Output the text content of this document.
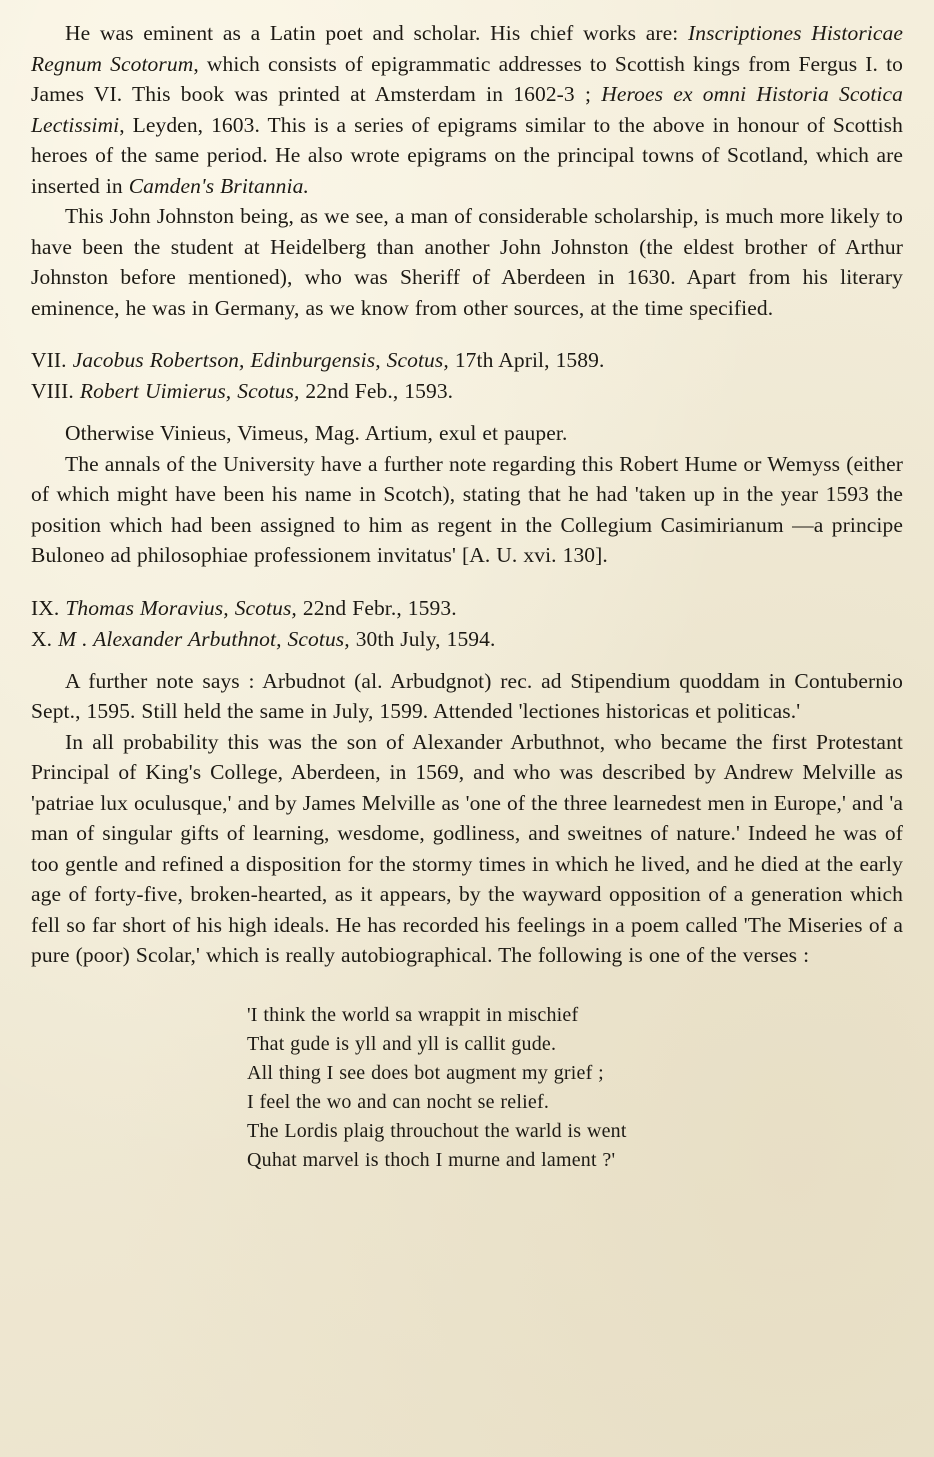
He was eminent as a Latin poet and scholar. His chief works are: Inscriptiones Historicae Regnum Scotorum, which consists of epigrammatic addresses to Scottish kings from Fergus I. to James VI. This book was printed at Amsterdam in 1602-3 ; Heroes ex omni Historia Scotica Lectissimi, Leyden, 1603. This is a series of epigrams similar to the above in honour of Scottish heroes of the same period. He also wrote epigrams on the principal towns of Scotland, which are inserted in Camden's Britannia.

This John Johnston being, as we see, a man of considerable scholarship, is much more likely to have been the student at Heidelberg than another John Johnston (the eldest brother of Arthur Johnston before mentioned), who was Sheriff of Aberdeen in 1630. Apart from his literary eminence, he was in Germany, as we know from other sources, at the time specified.

VII. Jacobus Robertson, Edinburgensis, Scotus, 17th April, 1589.

VIII. Robert Uimierus, Scotus, 22nd Feb., 1593.

Otherwise Vinieus, Vimeus, Mag. Artium, exul et pauper.

The annals of the University have a further note regarding this Robert Hume or Wemyss (either of which might have been his name in Scotch), stating that he had 'taken up in the year 1593 the position which had been assigned to him as regent in the Collegium Casimirianum —a principe Buloneo ad philosophiae professionem invitatus' [A. U. xvi. 130].

IX. Thomas Moravius, Scotus, 22nd Febr., 1593.

X. M . Alexander Arbuthnot, Scotus, 30th July, 1594.

A further note says : Arbudnot (al. Arbudgnot) rec. ad Stipendium quoddam in Contubernio Sept., 1595. Still held the same in July, 1599. Attended 'lectiones historicas et politicas.'

In all probability this was the son of Alexander Arbuthnot, who became the first Protestant Principal of King's College, Aberdeen, in 1569, and who was described by Andrew Melville as 'patriae lux oculusque,' and by James Melville as 'one of the three learnedest men in Europe,' and 'a man of singular gifts of learning, wesdome, godliness, and sweitnes of nature.' Indeed he was of too gentle and refined a disposition for the stormy times in which he lived, and he died at the early age of forty-five, broken-hearted, as it appears, by the wayward opposition of a generation which fell so far short of his high ideals. He has recorded his feelings in a poem called 'The Miseries of a pure (poor) Scolar,' which is really autobiographical. The following is one of the verses :

'I think the world sa wrappit in mischief

That gude is yll and yll is callit gude.

All thing I see does bot augment my grief ;

I feel the wo and can nocht se relief.

The Lordis plaig throuchout the warld is went

Quhat marvel is thoch I murne and lament ?'
